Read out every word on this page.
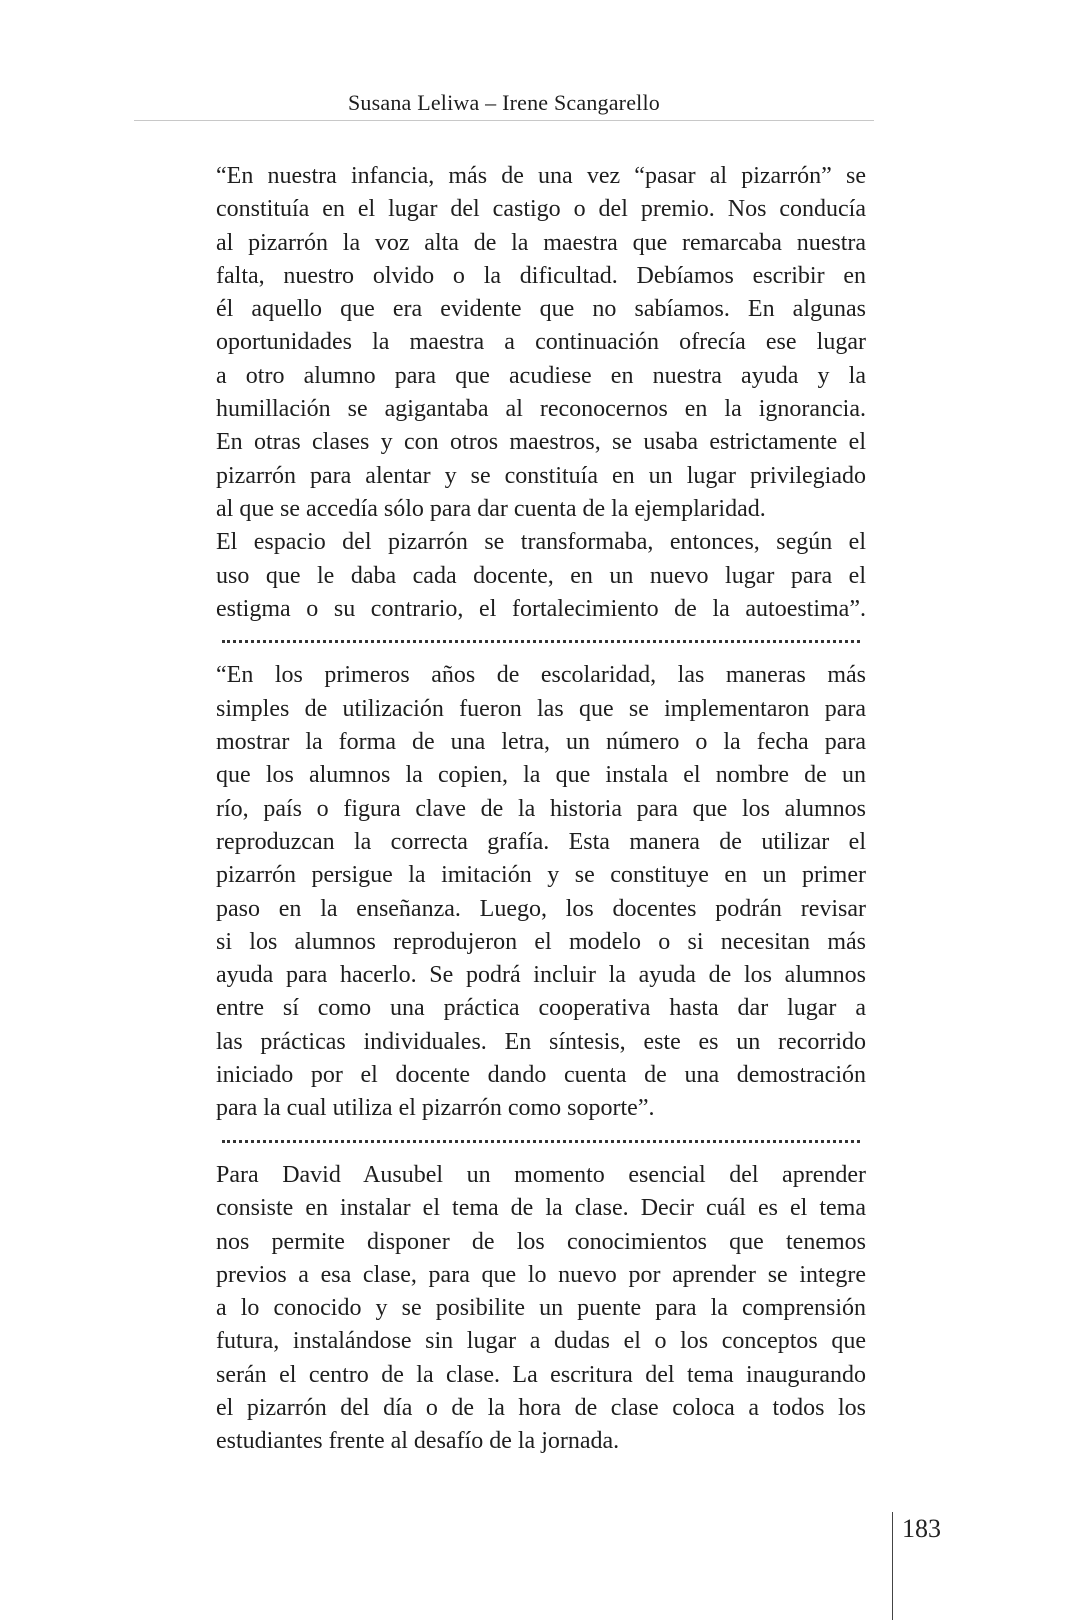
Susana Leliwa – Irene Scangarello

“En nuestra infancia, más de una vez “pasar al pizarrón” se

constituía en el lugar del castigo o del premio. Nos conducía

al pizarrón la voz alta de la maestra que remarcaba nuestra

falta, nuestro olvido o la dificultad. Debíamos escribir en

él aquello que era evidente que no sabíamos. En algunas

oportunidades la maestra a continuación ofrecía ese lugar

a otro alumno para que acudiese en nuestra ayuda y la

humillación se agigantaba al reconocernos en la ignorancia.

En otras clases y con otros maestros, se usaba estrictamente el

pizarrón para alentar y se constituía en un lugar privilegiado

al que se accedía sólo para dar cuenta de la ejemplaridad.

El espacio del pizarrón se transformaba, entonces, según el

uso que le daba cada docente, en un nuevo lugar para el

estigma o su contrario, el fortalecimiento de la autoestima”.

“En los primeros años de escolaridad, las maneras más

simples de utilización fueron las que se implementaron para

mostrar la forma de una letra, un número o la fecha para

que los alumnos la copien, la que instala el nombre de un

río, país o figura clave de la historia para que los alumnos

reproduzcan la correcta grafía. Esta manera de utilizar el

pizarrón persigue la imitación y se constituye en un primer

paso en la enseñanza. Luego, los docentes podrán revisar

si los alumnos reprodujeron el modelo o si necesitan más

ayuda para hacerlo. Se podrá incluir la ayuda de los alumnos

entre sí como una práctica cooperativa hasta dar lugar a

las prácticas individuales. En síntesis, este es un recorrido

iniciado por el docente dando cuenta de una demostración

para la cual utiliza el pizarrón como soporte”.

Para David Ausubel un momento esencial del aprender

consiste en instalar el tema de la clase. Decir cuál es el tema

nos permite disponer de los conocimientos que tenemos

previos a esa clase, para que lo nuevo por aprender se integre

a lo conocido y se posibilite un puente para la comprensión

futura, instalándose sin lugar a dudas el o los conceptos que

serán el centro de la clase. La escritura del tema inaugurando

el pizarrón del día o de la hora de clase coloca a todos los

estudiantes frente al desafío de la jornada.

183
